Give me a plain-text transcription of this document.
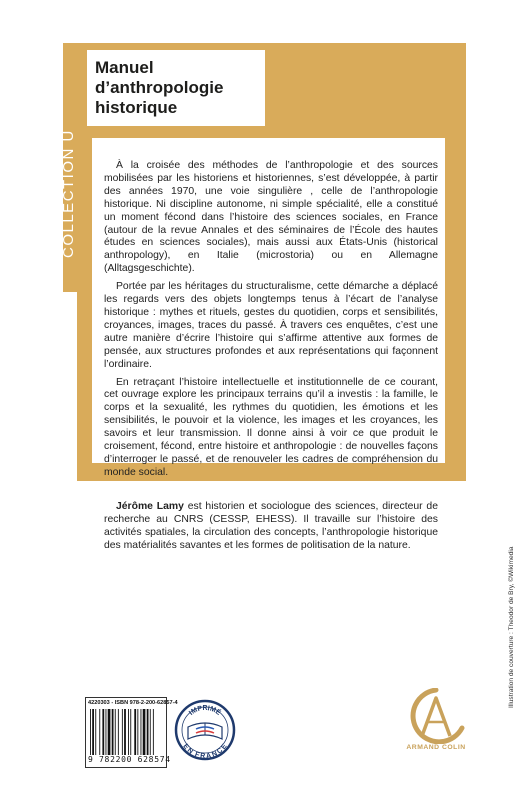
Manuel
d’anthropologie
historique
COLLECTION U	À la croisée des méthodes de l’anthropologie et des sources mobilisées par les historiens et historiennes, s’est développée, à partir des années 1970, une voie singulière , celle de l’anthropologie historique. Ni discipline autonome, ni simple spécialité, elle a constitué un moment fécond dans l’histoire des sciences sociales, en France (autour de la revue Annales et des séminaires de l’École des hautes études en sciences sociales), mais aussi aux États-Unis (historical anthropology), en Italie (microstoria) ou en Allemagne (Alltagsgeschichte).

Portée par les héritages du structuralisme, cette démarche a déplacé les regards vers des objets longtemps tenus à l’écart de l’analyse historique : mythes et rituels, gestes du quotidien, corps et sensibilités, croyances, images, traces du passé. À travers ces enquêtes, c’est une autre manière d’écrire l’histoire qui s’affirme attentive aux formes de pensée, aux structures profondes et aux représentations qui façonnent l’ordinaire.

En retraçant l’histoire intellectuelle et institutionnelle de ce courant, cet ouvrage explore les principaux terrains qu’il a investis : la famille, le corps et la sexualité, les rythmes du quotidien, les émotions et les sensibilités, le pouvoir et la violence, les images et les croyances, les savoirs et leur transmission. Il donne ainsi à voir ce que produit le croisement, fécond, entre histoire et anthropologie : de nouvelles façons d’interroger le passé, et de renouveler les cadres de compréhension du monde social.

Jérôme Lamy est historien et sociologue des sciences, directeur de recherche au CNRS (CESSP, EHESS). Il travaille sur l’histoire des activités spatiales, la circulation des concepts, l’anthropologie historique des matérialités savantes et les formes de politisation de la nature.

Illustration de couverture : Theodor de Bry, ©Wikimedia
4220303 - ISBN 978-2-200-62857-4
9 782200 628574
IMPRIMÉ
EN FRANCE	ARMAND COLIN
